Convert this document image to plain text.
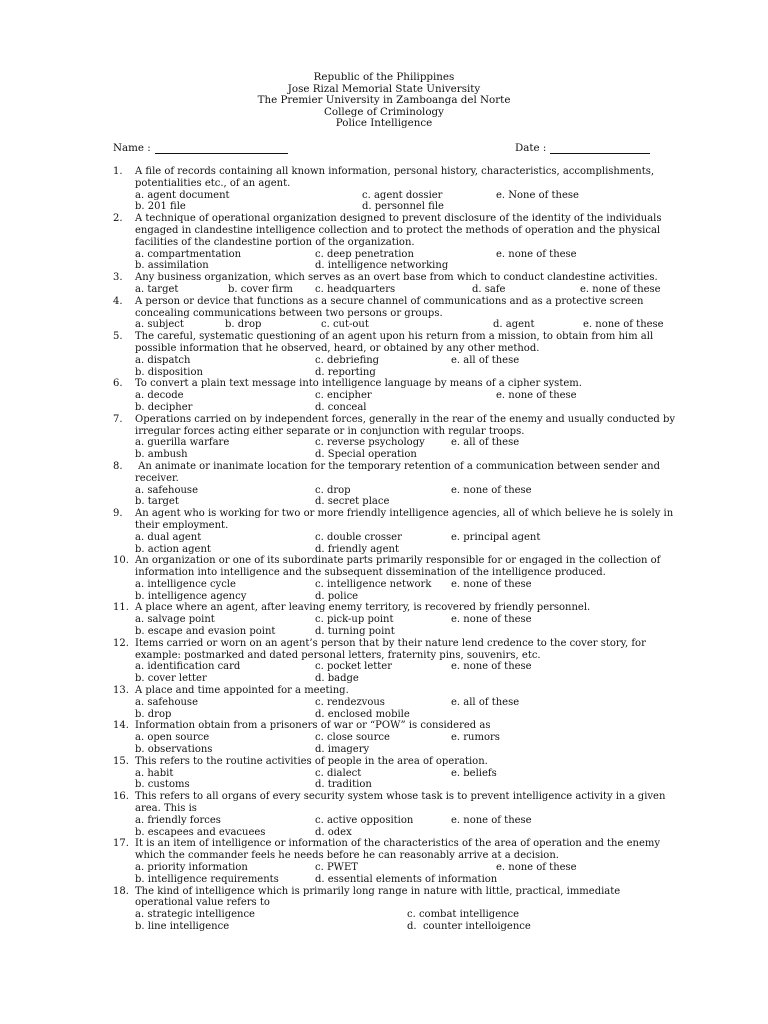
Republic of the Philippines
Jose Rizal Memorial State University
The Premier University in Zamboanga del Norte
College of Criminology
Police Intelligence
Name :	Date :
1.	A file of records containing all known information, personal history, characteristics, accomplishments, potentialities etc., of an agent.
a. agent document	c. agent dossier	e. None of these
b. 201 file	d. personnel file
2.	A technique of operational organization designed to prevent disclosure of the identity of the individuals engaged in clandestine intelligence collection and to protect the methods of operation and the physical facilities of the clandestine portion of the organization.
a. compartmentation	c. deep penetration	e. none of these
b. assimilation	d. intelligence networking
3.	Any business organization, which serves as an overt base from which to conduct clandestine activities.
a. target	b. cover firm c. headquarters	d. safe	e. none of these
4.	A person or device that functions as a secure channel of communications and as a protective screen concealing communications between two persons or groups.
a. subject	b. drop	c. cut-out	d. agent	e. none of these
5.	The careful, systematic questioning of an agent upon his return from a mission, to obtain from him all possible information that he observed, heard, or obtained by any other method.
a. dispatch	c. debriefing	e. all of these
b. disposition	d. reporting
6.	To convert a plain text message into intelligence language by means of a cipher system.
a. decode	c. encipher	e. none of these
b. decipher	d. conceal
7.	Operations carried on by independent forces, generally in the rear of the enemy and usually conducted by irregular forces acting either separate or in conjunction with regular troops.
a. guerilla warfare	c. reverse psychology	e. all of these
b. ambush	d. Special operation
8.	An animate or inanimate location for the temporary retention of a communication between sender and receiver.
a. safehouse	c. drop	e. none of these
b. target	d. secret place
9.	An agent who is working for two or more friendly intelligence agencies, all of which believe he is solely in their employment.
a. dual agent	c. double crosser	e. principal agent
b. action agent	d. friendly agent
10. An organization or one of its subordinate parts primarily responsible for or engaged in the collection of information into intelligence and the subsequent dissemination of the intelligence produced.
a. intelligence cycle	c. intelligence network e. none of these
b. intelligence agency	d. police
11. A place where an agent, after leaving enemy territory, is recovered by friendly personnel.
a. salvage point	c. pick-up point	e. none of these
b. escape and evasion point	d. turning point
12. Items carried or worn on an agent’s person that by their nature lend credence to the cover story, for example: postmarked and dated personal letters, fraternity pins, souvenirs, etc.
a. identification card	c. pocket letter	e. none of these
b. cover letter	d. badge
13. A place and time appointed for a meeting.
a. safehouse	c. rendezvous	e. all of these
b. drop	d. enclosed mobile
14. Information obtain from a prisoners of war or “POW” is considered as
a. open source	c. close source	e. rumors
b. observations	d. imagery
15. This refers to the routine activities of people in the area of operation.
a. habit	c. dialect	e. beliefs
b. customs	d. tradition
16. This refers to all organs of every security system whose task is to prevent intelligence activity in a given area. This is
a. friendly forces	c. active opposition	e. none of these
b. escapees and evacuees	d. odex
17. It is an item of intelligence or information of the characteristics of the area of operation and the enemy which the commander feels he needs before he can reasonably arrive at a decision.
a. priority information	c. PWET	e. none of these
b. intelligence requirements	d. essential elements of information
18. The kind of intelligence which is primarily long range in nature with little, practical, immediate operational value refers to
a. strategic intelligence	c. combat intelligence
b. line intelligence	d.  counter intelloigence
